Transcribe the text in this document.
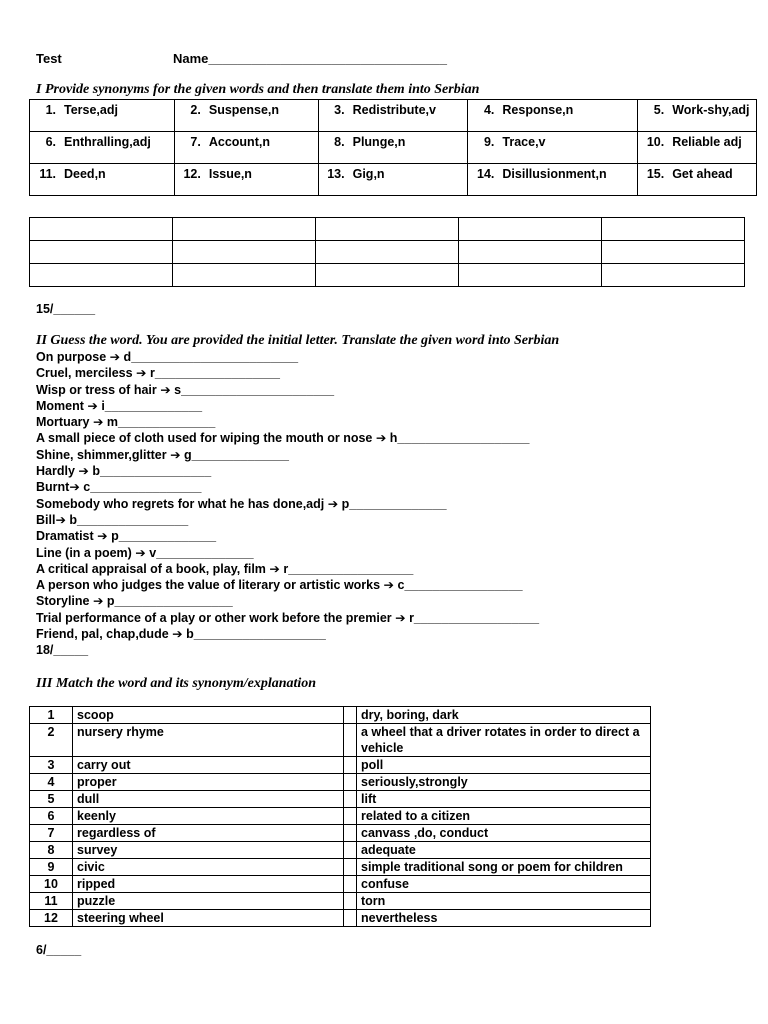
Test	Name_________________________________
I Provide synonyms for the given words and then translate them into Serbian
1. Terse,adj	2. Suspense,n	3. Redistribute,v	4. Response,n	5. Work-shy,adj

6. Enthralling,adj	7. Account,n	8. Plunge,n	9. Trace,v	10. Reliable adj

11. Deed,n	12. Issue,n	13. Gig,n	14. Disillusionment,n	15. Get ahead

15/______
II Guess the word. You are provided the initial letter. Translate the given word into Serbian
On purpose ➔ d________________________
Cruel, merciless ➔ r__________________
Wisp or tress of hair ➔ s______________________
Moment ➔ i______________
Mortuary ➔ m______________
A small piece of cloth used for wiping the mouth or nose ➔ h___________________
Shine, shimmer,glitter ➔ g______________
Hardly ➔ b________________
Burnt➔ c________________
Somebody who regrets for what he has done,adj ➔ p______________
Bill➔ b________________
Dramatist ➔ p______________
Line (in a poem) ➔ v______________
A critical appraisal of a book, play, film ➔ r__________________
A person who judges the value of literary or artistic works ➔ c_________________
Storyline ➔ p_________________
Trial performance of a play or other work before the premier ➔ r__________________
Friend, pal, chap,dude ➔ b___________________
18/_____
III Match the word and its synonym/explanation
1	scoop		dry, boring, dark
2	nursery rhyme		a wheel that a driver rotates in order to direct a vehicle
3	carry out		poll
4	proper		seriously,strongly
5	dull		lift
6	keenly		related to a citizen
7	regardless of		canvass ,do, conduct
8	survey		adequate
9	civic		simple traditional song or poem for children
10	ripped		confuse
11	puzzle		torn
12	steering wheel		nevertheless
6/_____
